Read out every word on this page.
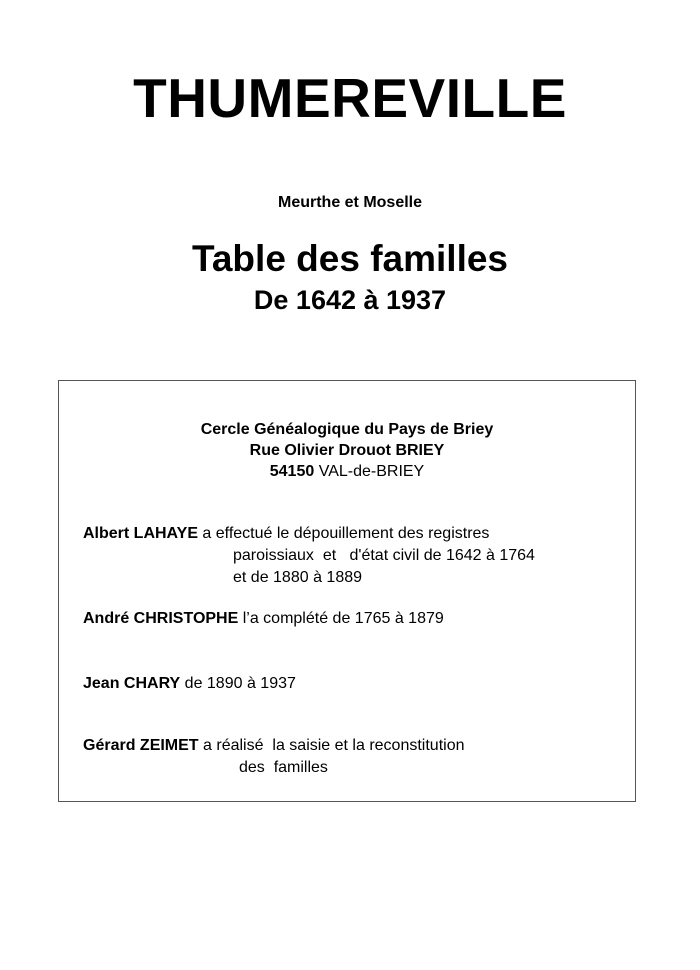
THUMEREVILLE
Meurthe et Moselle
Table des familles
De 1642 à 1937
Cercle Généalogique du Pays de Briey
Rue Olivier Drouot BRIEY
54150 VAL-de-BRIEY
Albert LAHAYE a effectué le dépouillement des registres
paroissiaux  et   d'état civil de 1642 à 1764
et de 1880 à 1889
André CHRISTOPHE l’a complété de 1765 à 1879
Jean CHARY de 1890 à 1937
Gérard ZEIMET a réalisé  la saisie et la reconstitution
des  familles
